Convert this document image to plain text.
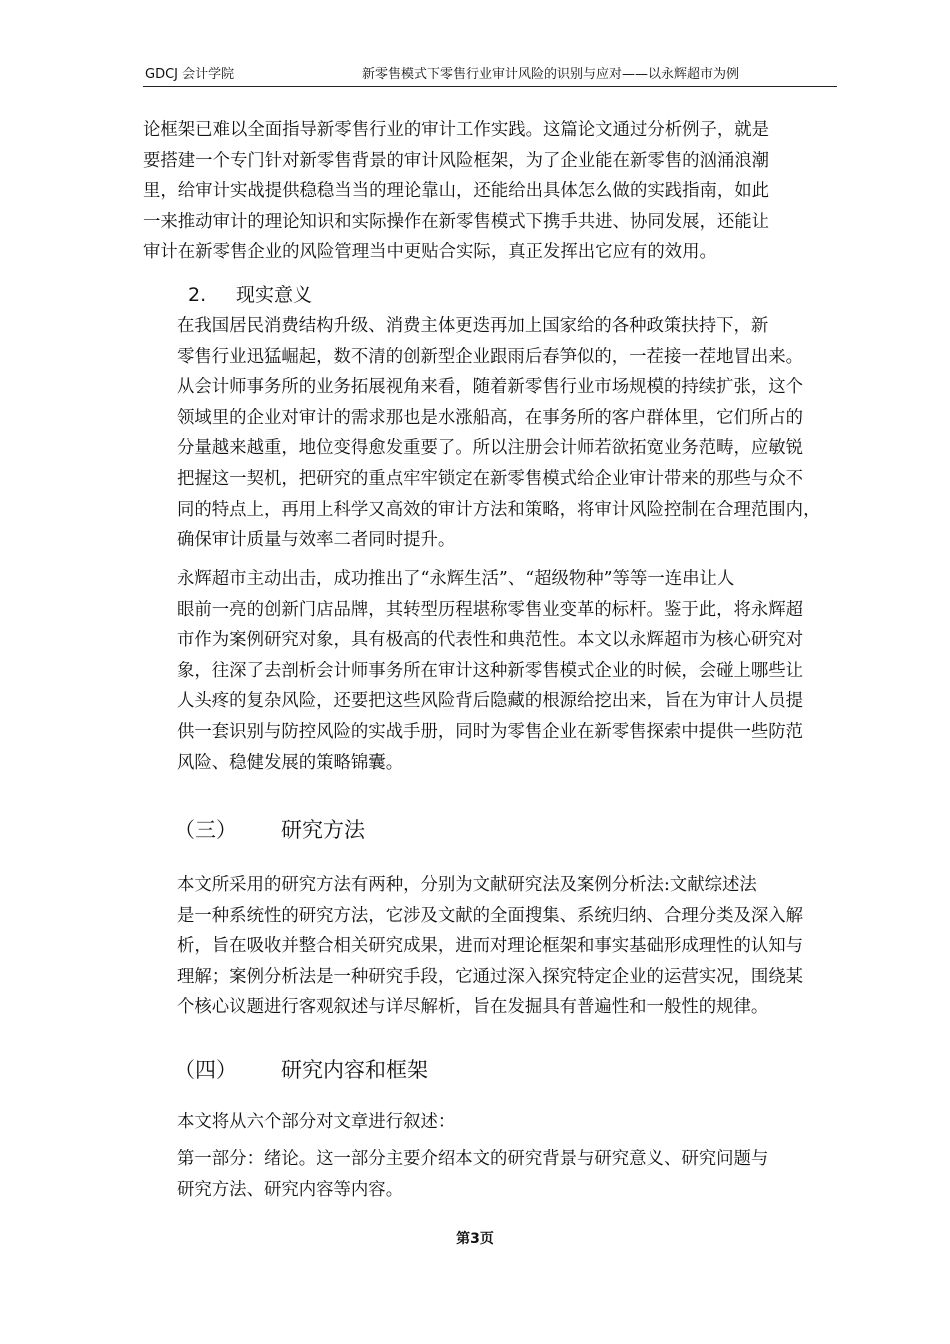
GDCJ 会计学院	新零售模式下零售行业审计风险的识别与应对——以永辉超市为例

论框架已难以全面指导新零售行业的审计工作实践。这篇论文通过分析例子，就是
要搭建一个专门针对新零售背景的审计风险框架，为了企业能在新零售的汹涌浪潮
里，给审计实战提供稳稳当当的理论靠山，还能给出具体怎么做的实践指南，如此
一来推动审计的理论知识和实际操作在新零售模式下携手共进、协同发展，还能让
审计在新零售企业的风险管理当中更贴合实际，真正发挥出它应有的效用。

2. 现实意义

在我国居民消费结构升级、消费主体更迭再加上国家给的各种政策扶持下，新
零售行业迅猛崛起，数不清的创新型企业跟雨后春笋似的，一茬接一茬地冒出来。
从会计师事务所的业务拓展视角来看，随着新零售行业市场规模的持续扩张，这个
领域里的企业对审计的需求那也是水涨船高，在事务所的客户群体里，它们所占的
分量越来越重，地位变得愈发重要了。所以注册会计师若欲拓宽业务范畴，应敏锐
把握这一契机，把研究的重点牢牢锁定在新零售模式给企业审计带来的那些与众不
同的特点上，再用上科学又高效的审计方法和策略，将审计风险控制在合理范围内，
确保审计质量与效率二者同时提升。

永辉超市主动出击，成功推出了“永辉生活”、“超级物种”等等一连串让人
眼前一亮的创新门店品牌，其转型历程堪称零售业变革的标杆。鉴于此，将永辉超
市作为案例研究对象，具有极高的代表性和典范性。本文以永辉超市为核心研究对
象，往深了去剖析会计师事务所在审计这种新零售模式企业的时候，会碰上哪些让
人头疼的复杂风险，还要把这些风险背后隐藏的根源给挖出来，旨在为审计人员提
供一套识别与防控风险的实战手册，同时为零售企业在新零售探索中提供一些防范
风险、稳健发展的策略锦囊。

（三） 研究方法

本文所采用的研究方法有两种，分别为文献研究法及案例分析法:文献综述法
是一种系统性的研究方法，它涉及文献的全面搜集、系统归纳、合理分类及深入解
析，旨在吸收并整合相关研究成果，进而对理论框架和事实基础形成理性的认知与
理解；案例分析法是一种研究手段，它通过深入探究特定企业的运营实况，围绕某
个核心议题进行客观叙述与详尽解析，旨在发掘具有普遍性和一般性的规律。

（四） 研究内容和框架

本文将从六个部分对文章进行叙述：

第一部分：绪论。这一部分主要介绍本文的研究背景与研究意义、研究问题与
研究方法、研究内容等内容。

第3页
